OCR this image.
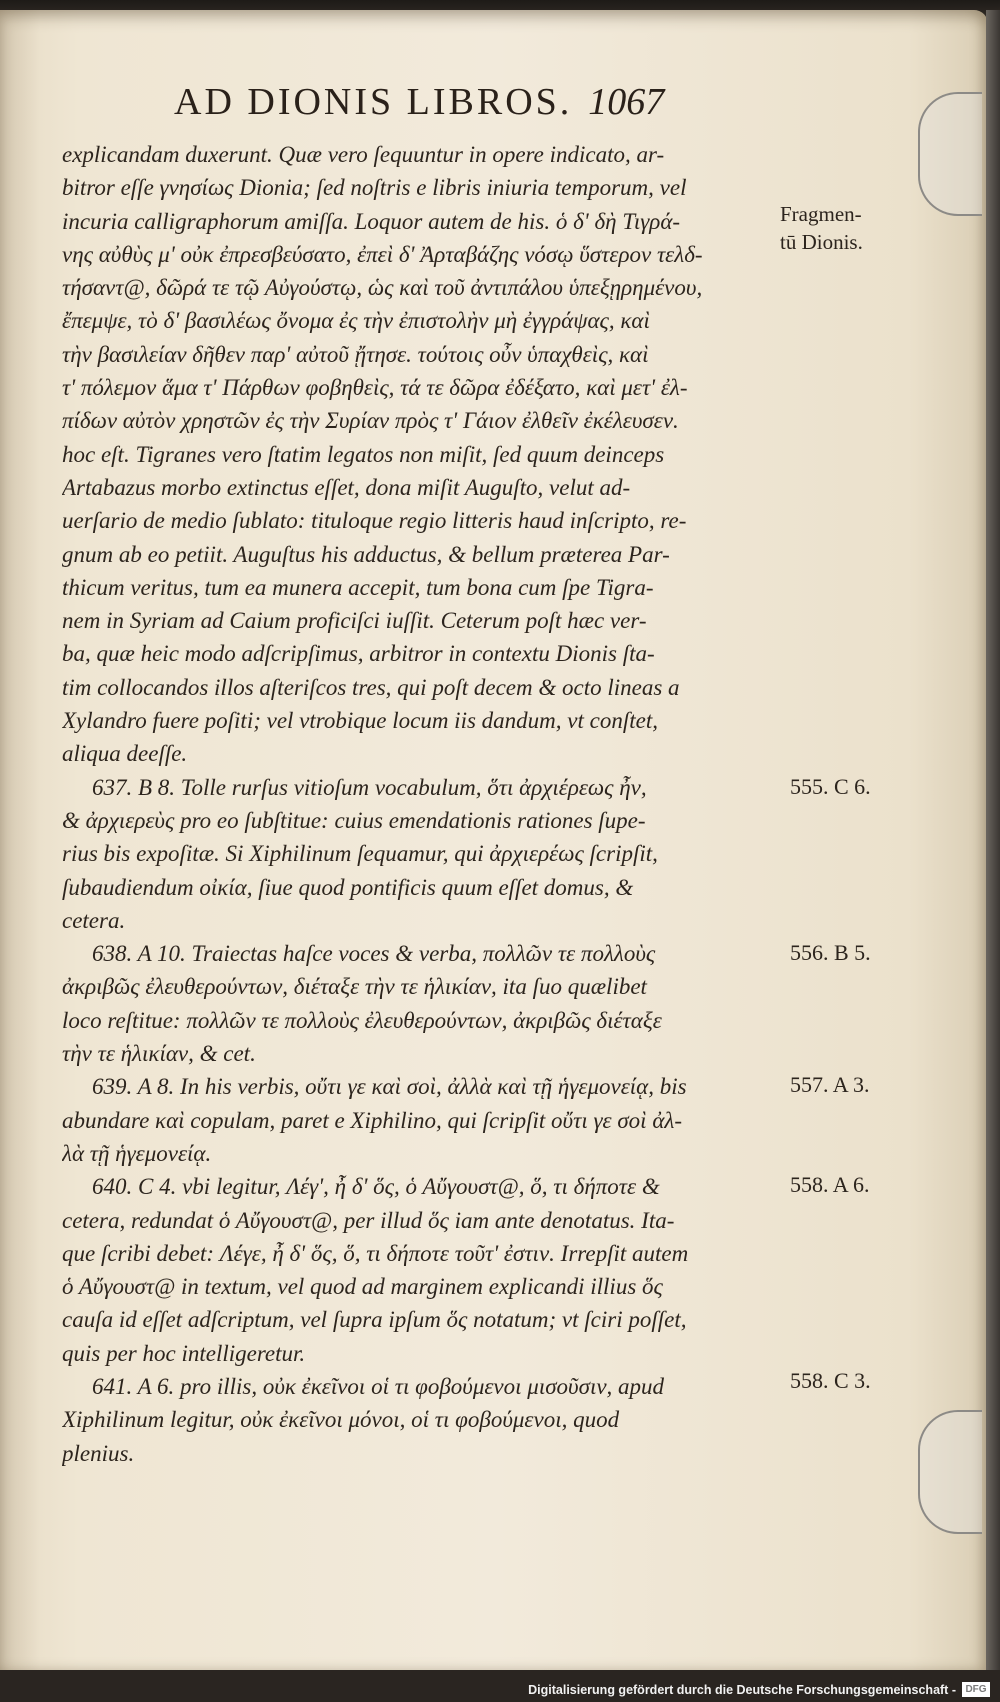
AD DIONIS LIBROS. 1067
Fragmen-
tū Dionis.
555. C 6.
556. B 5.
557. A 3.
558. A 6.
558. C 3.
explicandam duxerunt. Quæ vero ſequuntur in opere indicato, ar-
bitror eſſe γνησίως Dionia; ſed noſtris e libris iniuria temporum, vel
incuria calligraphorum amiſſa. Loquor autem de his. ὁ δ' δὴ Τιγρά-
νης αὐθὺς μ' οὐκ ἐπρεσβεύσατο, ἐπεὶ δ' Ἀρταβάζης νόσῳ ὕστερον τελδ-
τήσαντ@, δῶρά τε τῷ Αὐγούστῳ, ὡς καὶ τοῦ ἀντιπάλου ὑπεξῃρημένου,
ἔπεμψε, τὸ δ' βασιλέως ὄνομα ἐς τὴν ἐπιστολὴν μὴ ἐγγράψας, καὶ
τὴν βασιλείαν δῆθεν παρ' αὐτοῦ ᾔτησε. τούτοις οὖν ὑπαχθεὶς, καὶ
τ' πόλεμον ἅμα τ' Πάρθων φοβηθεὶς, τά τε δῶρα ἐδέξατο, καὶ μετ' ἐλ-
πίδων αὐτὸν χρηστῶν ἐς τὴν Συρίαν πρὸς τ' Γάιον ἐλθεῖν ἐκέλευσεν.
hoc eſt. Tigranes vero ſtatim legatos non miſit, ſed quum deinceps
Artabazus morbo extinctus eſſet, dona miſit Auguſto, velut ad-
uerſario de medio ſublato: tituloque regio litteris haud inſcripto, re-
gnum ab eo petiit. Auguſtus his adductus, & bellum præterea Par-
thicum veritus, tum ea munera accepit, tum bona cum ſpe Tigra-
nem in Syriam ad Caium proficiſci iuſſit. Ceterum poſt hæc ver-
ba, quæ heic modo adſcripſimus, arbitror in contextu Dionis ſta-
tim collocandos illos aſteriſcos tres, qui poſt decem & octo lineas a
Xylandro fuere poſiti; vel vtrobique locum iis dandum, vt conſtet,
aliqua deeſſe.
637. B 8. Tolle rurſus vitioſum vocabulum, ὅτι ἀρχιέρεως ἦν,
& ἀρχιερεὺς pro eo ſubſtitue: cuius emendationis rationes ſupe-
rius bis expoſitæ. Si Xiphilinum ſequamur, qui ἀρχιερέως ſcripſit,
ſubaudiendum οἰκία, ſiue quod pontificis quum eſſet domus, &
cetera.
638. A 10. Traiectas haſce voces & verba, πολλῶν τε πολλοὺς
ἀκριβῶς ἐλευθερούντων, διέταξε τὴν τε ἡλικίαν, ita ſuo quælibet
loco reſtitue: πολλῶν τε πολλοὺς ἐλευθερούντων, ἀκριβῶς διέταξε
τὴν τε ἡλικίαν, & cet.
639. A 8. In his verbis, οὔτι γε καὶ σοὶ, ἀλλὰ καὶ τῇ ἡγεμονείᾳ, bis
abundare καὶ copulam, paret e Xiphilino, qui ſcripſit οὔτι γε σοὶ ἀλ-
λὰ τῇ ἡγεμονείᾳ.
640. C 4. vbi legitur, Λέγ', ἦ δ' ὅς, ὁ Αὔγουστ@, ὅ, τι δήποτε &
cetera, redundat ὁ Αὔγουστ@, per illud ὅς iam ante denotatus. Ita-
que ſcribi debet: Λέγε, ἦ δ' ὅς, ὅ, τι δήποτε τοῦτ' ἐστιν. Irrepſit autem
ὁ Αὔγουστ@ in textum, vel quod ad marginem explicandi illius ὅς
cauſa id eſſet adſcriptum, vel ſupra ipſum ὅς notatum; vt ſciri poſſet,
quis per hoc intelligeretur.
641. A 6. pro illis, οὐκ ἐκεῖνοι οἱ τι φοβούμενοι μισοῦσιν, apud
Xiphilinum legitur, οὐκ ἐκεῖνοι μόνοι, οἱ τι φοβούμενοι, quod
plenius.
Digitalisierung gefördert durch die Deutsche Forschungsgemeinschaft - DFG
